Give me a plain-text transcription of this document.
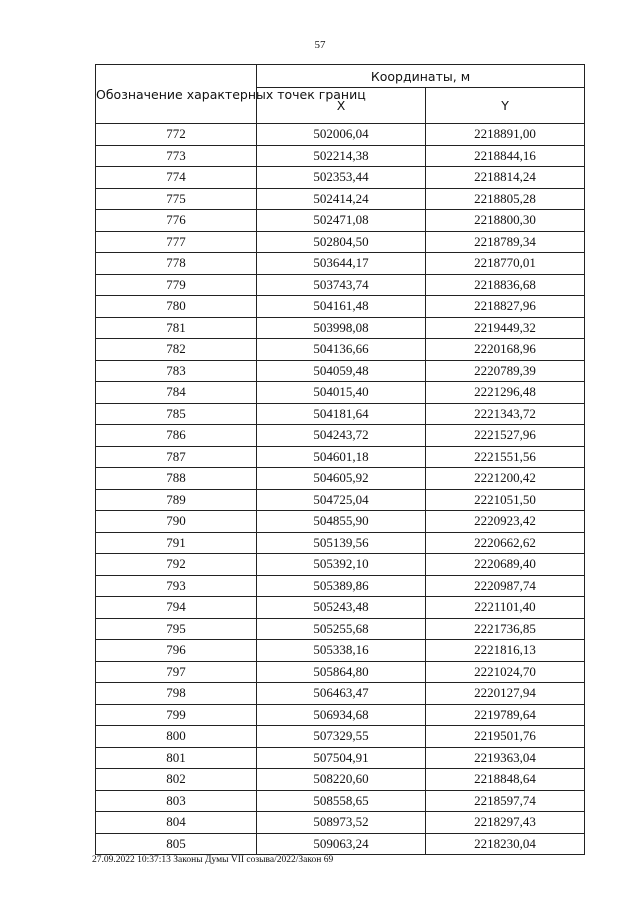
57
Обозначение характерных точек границ	Координаты, м	
	X	Y
772	502006,04	2218891,00
773	502214,38	2218844,16
774	502353,44	2218814,24
775	502414,24	2218805,28
776	502471,08	2218800,30
777	502804,50	2218789,34
778	503644,17	2218770,01
779	503743,74	2218836,68
780	504161,48	2218827,96
781	503998,08	2219449,32
782	504136,66	2220168,96
783	504059,48	2220789,39
784	504015,40	2221296,48
785	504181,64	2221343,72
786	504243,72	2221527,96
787	504601,18	2221551,56
788	504605,92	2221200,42
789	504725,04	2221051,50
790	504855,90	2220923,42
791	505139,56	2220662,62
792	505392,10	2220689,40
793	505389,86	2220987,74
794	505243,48	2221101,40
795	505255,68	2221736,85
796	505338,16	2221816,13
797	505864,80	2221024,70
798	506463,47	2220127,94
799	506934,68	2219789,64
800	507329,55	2219501,76
801	507504,91	2219363,04
802	508220,60	2218848,64
803	508558,65	2218597,74
804	508973,52	2218297,43
805	509063,24	2218230,04
27.09.2022 10:37:13 Законы Думы VII созыва/2022/Закон 69
